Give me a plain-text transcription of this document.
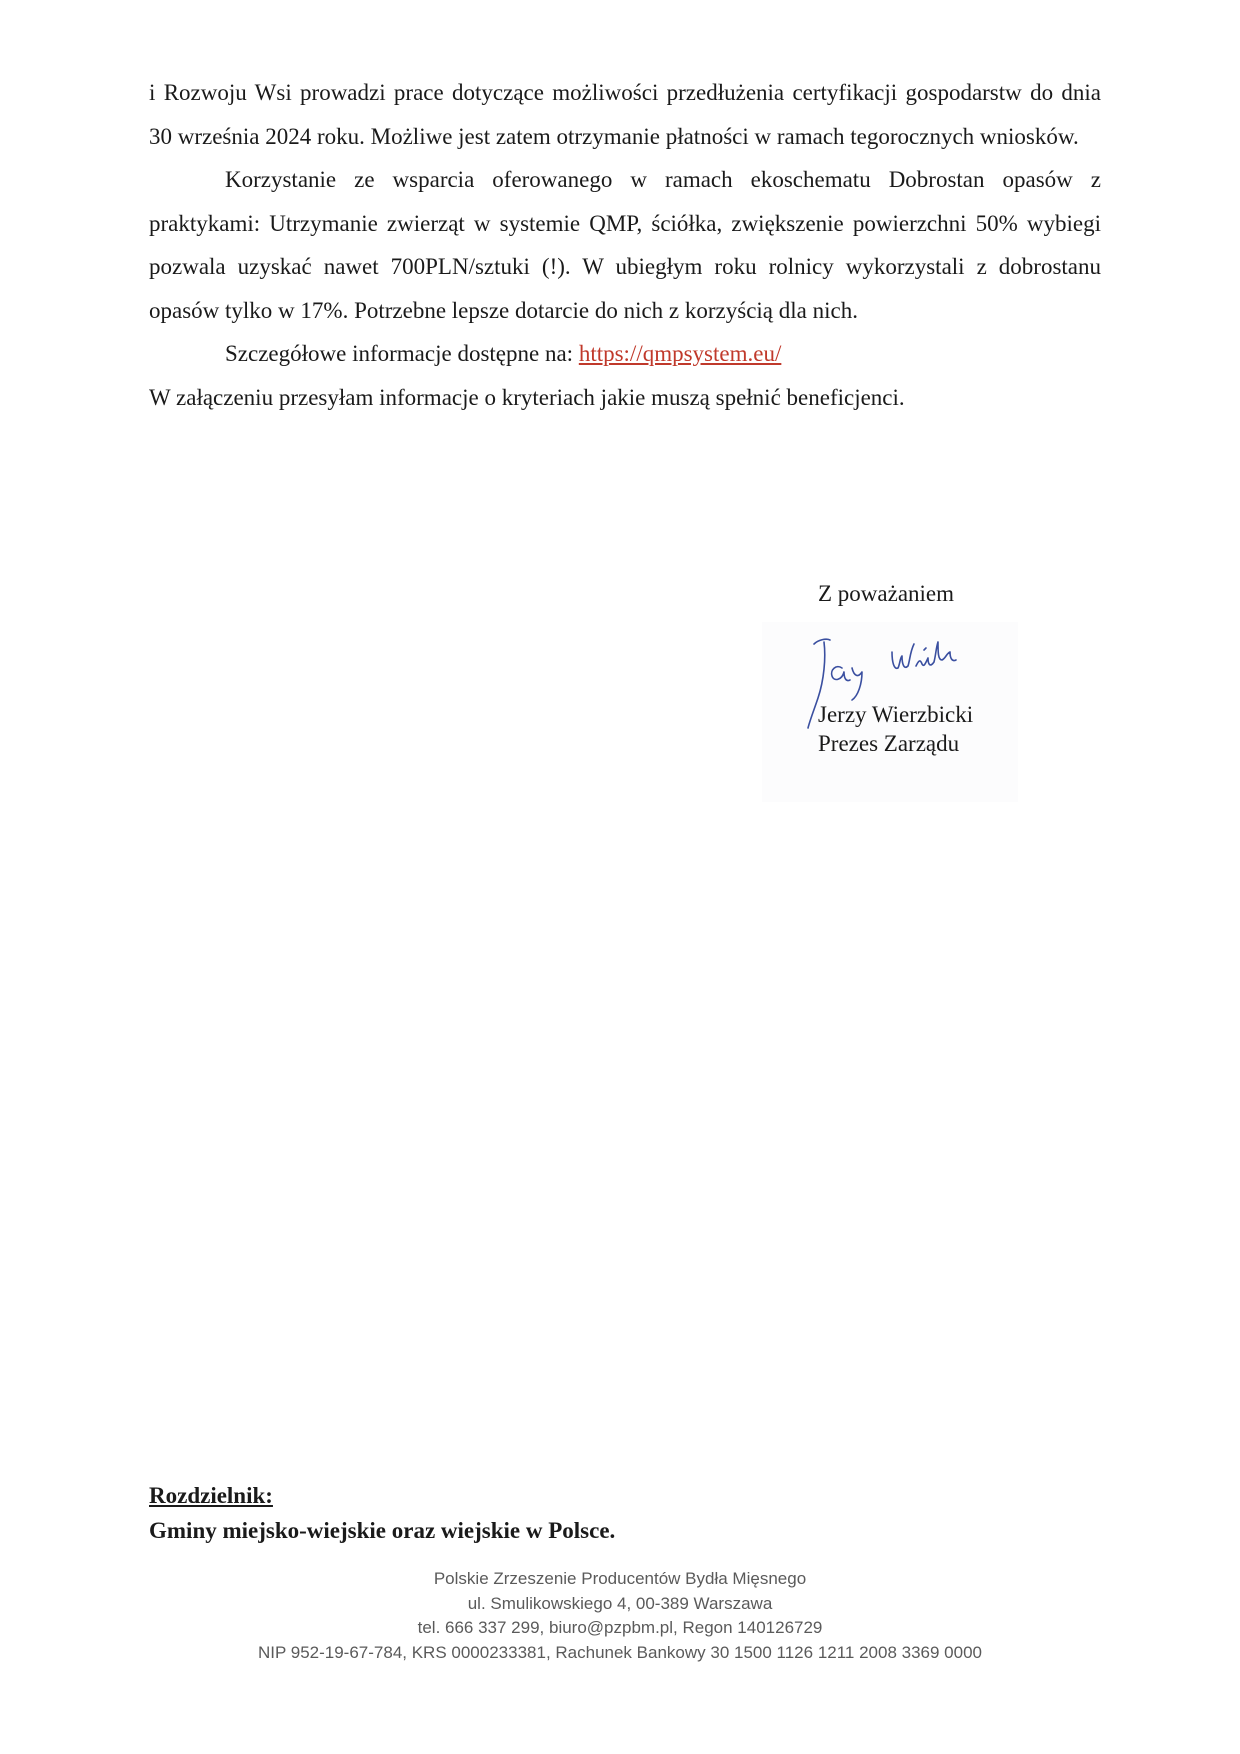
i Rozwoju Wsi prowadzi prace dotyczące możliwości przedłużenia certyfikacji gospodarstw do dnia 30 września 2024 roku. Możliwe jest zatem otrzymanie płatności w ramach tegorocznych wniosków.

Korzystanie ze wsparcia oferowanego w ramach ekoschematu Dobrostan opasów z praktykami: Utrzymanie zwierząt w systemie QMP, ściółka, zwiększenie powierzchni 50% wybiegi pozwala uzyskać nawet 700PLN/sztuki (!). W ubiegłym roku rolnicy wykorzystali z dobrostanu opasów tylko w 17%. Potrzebne lepsze dotarcie do nich z korzyścią dla nich.

Szczegółowe informacje dostępne na: https://qmpsystem.eu/

W załączeniu przesyłam informacje o kryteriach jakie muszą spełnić beneficjenci.

Z poważaniem
Jerzy Wierzbicki
Prezes Zarządu
Rozdzielnik:
Gminy miejsko-wiejskie oraz wiejskie w Polsce.
Polskie Zrzeszenie Producentów Bydła Mięsnego
ul. Smulikowskiego 4, 00-389 Warszawa
tel. 666 337 299, biuro@pzpbm.pl, Regon 140126729
NIP 952-19-67-784, KRS 0000233381, Rachunek Bankowy 30 1500 1126 1211 2008 3369 0000
